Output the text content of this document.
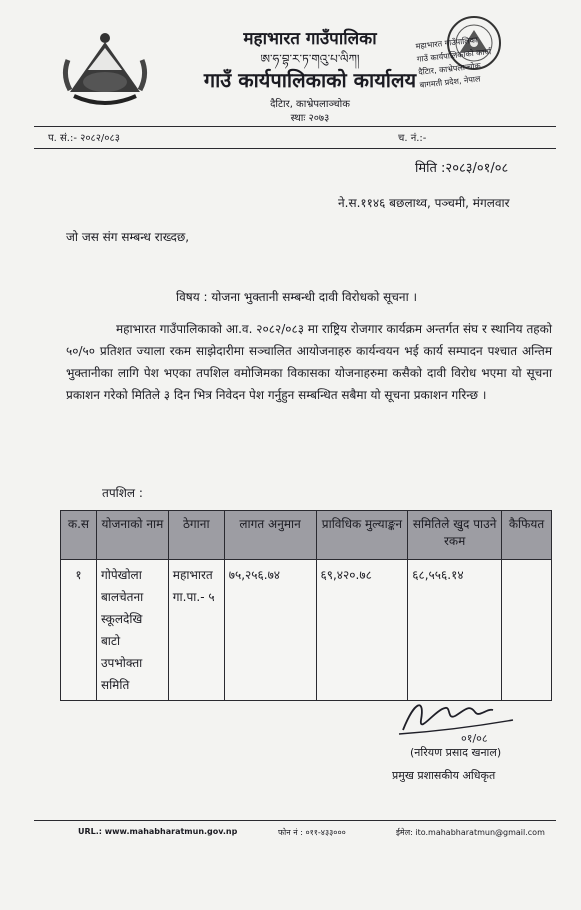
महाभारत गाउँपालिका
ཨ་ཧ་བྷ་ར་ཏ་གའུ་པ་ལིཀ།
गाउँ कार्यपालिकाको कार्यालय
दैटिार, काभ्रेपलाञ्चोक
स्थाः २०७३
महाभारत गाउँपालिका
गाउँ कार्यपालिकाको कार्या
दैटिार, काभ्रेपलान्चोक
बागमती प्रदेश, नेपाल
प. सं.:- २०८२/०८३	च. नं.:-
मिति :२०८३/०१/०८
ने.स.११४६ बछलाथ्व, पञ्चमी, मंगलवार
जो जस संग सम्बन्ध राख्दछ,
विषय : योजना भुक्तानी सम्बन्धी दावी विरोधको सूचना ।
महाभारत गाउँपालिकाको आ.व. २०८२/०८३ मा राष्ट्रिय रोजगार कार्यक्रम अन्तर्गत संघ र स्थानिय तहको ५०/५० प्रतिशत ज्याला रकम साझेदारीमा सञ्चालित आयोजनाहरु कार्यन्वयन भई कार्य सम्पादन पश्चात अन्तिम भुक्तानीका लागि पेश भएका तपशिल वमोजिमका विकासका योजनाहरुमा कसैको दावी विरोध भएमा यो सूचना प्रकाशन गरेको मितिले ३ दिन भित्र निवेदन पेश गर्नुहुन सम्बन्धित सबैमा यो सूचना प्रकाशन गरिन्छ ।
तपशिल :
क.स	योजनाको नाम	ठेगाना	लागत अनुमान	प्राविधिक मुल्याङ्कन	समितिले खुद पाउने रकम	कैफियत
१	गोपेखोला बालचेतना स्कूलदेखि बाटो उपभोक्ता समिति	महाभारत गा.पा.- ५	७५,२५६.७४	६९,४२०.७८	६८,५५६.१४	
०१/०८
(नरियण प्रसाद खनाल)
प्रमुख प्रशासकीय अधिकृत
URL.: www.mahabharatmun.gov.np	फोन नं : ०११-४३३०००	ईमेल: ito.mahabharatmun@gmail.com
